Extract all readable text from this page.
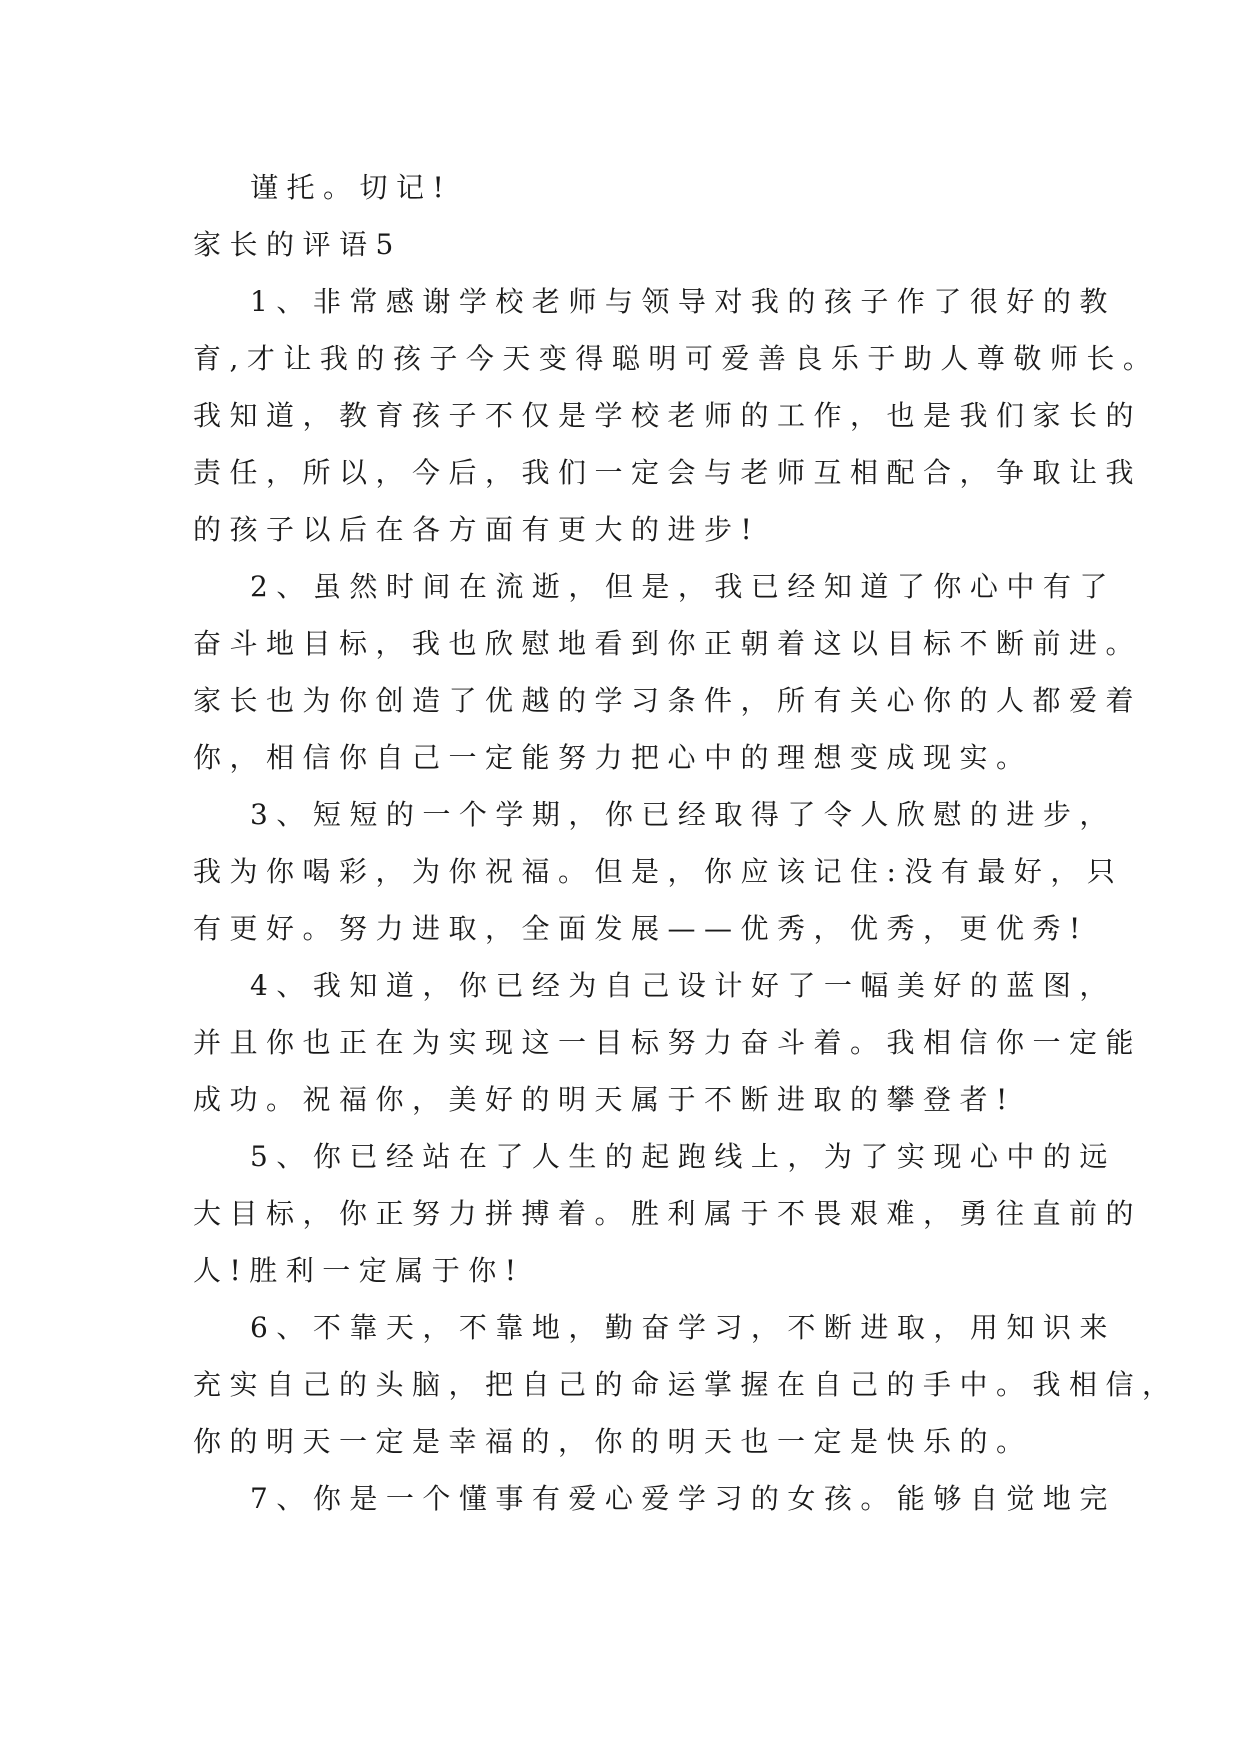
谨托。切记!
家长的评语5
1、非常感谢学校老师与领导对我的孩子作了很好的教
育,才让我的孩子今天变得聪明可爱善良乐于助人尊敬师长。
我知道，教育孩子不仅是学校老师的工作，也是我们家长的
责任，所以，今后，我们一定会与老师互相配合，争取让我
的孩子以后在各方面有更大的进步!
2、虽然时间在流逝，但是，我已经知道了你心中有了
奋斗地目标，我也欣慰地看到你正朝着这以目标不断前进。
家长也为你创造了优越的学习条件，所有关心你的人都爱着
你，相信你自己一定能努力把心中的理想变成现实。
3、短短的一个学期，你已经取得了令人欣慰的进步，
我为你喝彩，为你祝福。但是，你应该记住:没有最好，只
有更好。努力进取，全面发展——优秀，优秀，更优秀!
4、我知道，你已经为自己设计好了一幅美好的蓝图，
并且你也正在为实现这一目标努力奋斗着。我相信你一定能
成功。祝福你，美好的明天属于不断进取的攀登者!
5、你已经站在了人生的起跑线上，为了实现心中的远
大目标，你正努力拼搏着。胜利属于不畏艰难，勇往直前的
人!胜利一定属于你!
6、不靠天，不靠地，勤奋学习，不断进取，用知识来
充实自己的头脑，把自己的命运掌握在自己的手中。我相信，
你的明天一定是幸福的，你的明天也一定是快乐的。
7、你是一个懂事有爱心爱学习的女孩。能够自觉地完
